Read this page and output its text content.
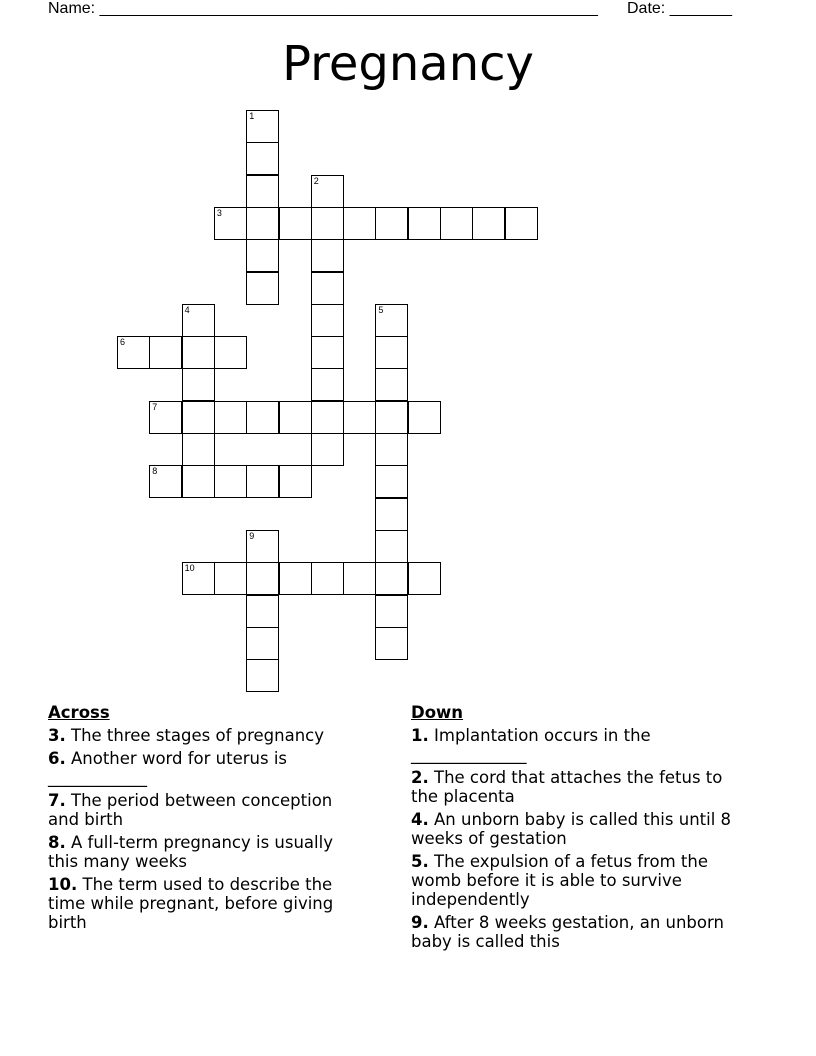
Name: ________________________________________________________ Date: _______
Pregnancy
1
2
3
4	5
6
7
8
9
10
Across
3. The three stages of pregnancy
6. Another word for uterus is ____________
7. The period between conception and birth
8. A full-term pregnancy is usually this many weeks
10. The term used to describe the time while pregnant, before giving birth
Down
1. Implantation occurs in the ______________
2. The cord that attaches the fetus to the placenta
4. An unborn baby is called this until 8 weeks of gestation
5. The expulsion of a fetus from the womb before it is able to survive independently
9. After 8 weeks gestation, an unborn baby is called this
